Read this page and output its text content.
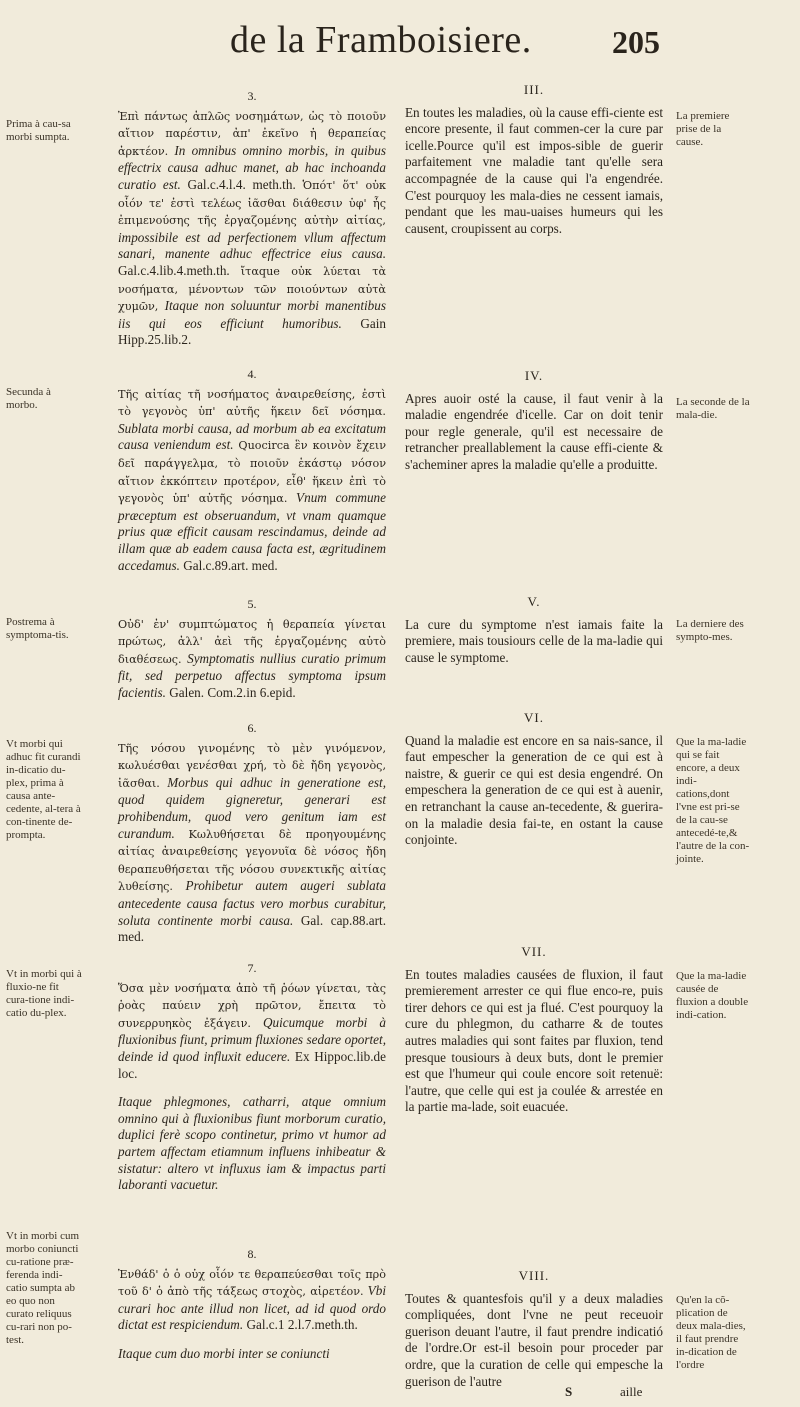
de la Framboisiere.	205
3.
Ἐπὶ πάντως ἁπλῶς νοσημάτων, ὡς τὸ ποιοῦν αἴτιον παρέστιν, ἀπ' ἐκεῖνο ἡ θεραπείας ἀρκτέον. In omnibus omnino morbis, in quibus effectrix causa adhuc manet, ab hac inchoanda curatio est. Gal.c.4.l.4. meth.th. Ὁπότ' ὅτ' οὐκ οἷόν τε' ἐστὶ τελέως ἰᾶσθαι διάθεσιν ὑφ' ἧς ἐπιμενούσης τῆς ἐργαζομένης αὐτὴν αἰτίας, impossibile est ad perfectionem vllum affectum sanari, manente adhuc effectrice eius causa. Gal.c.4.lib.4.meth.th. ἴταque οὐκ λύεται τὰ νοσήματα, μένοντων τῶν ποιούντων αὐτὰ χυμῶν, Itaque non soluuntur morbi manentibus iis qui eos efficiunt humoribus. Gain Hipp.25.lib.2.
4.
Τῆς αἰτίας τῆ νοσήματος ἀναιρεθείσης, ἐστὶ τὸ γεγονὸς ὑπ' αὐτῆς ἥκειν δεῖ νόσημα. Sublata morbi causa, ad morbum ab ea excitatum causa veniendum est. Quocirca ἓν κοινὸν ἔχειν δεῖ παράγγελμα, τὸ ποιοῦν ἑκάστῳ νόσον αἴτιον ἐκκόπτειν προτέρον, εἶθ' ἥκειν ἐπὶ τὸ γεγονὸς ὑπ' αὐτῆς νόσημα. Vnum commune præceptum est obseruandum, vt vnam quamque prius quæ efficit causam rescindamus, deinde ad illam quæ ab eadem causa facta est, ægritudinem accedamus. Gal.c.89.art. med.
5.
Οὐδ' ἐν' συμπτώματος ἡ θεραπεία γίνεται πρώτως, ἀλλ' ἀεὶ τῆς ἐργαζομένης αὐτὸ διαθέσεως. Symptomatis nullius curatio primum fit, sed perpetuo affectus symptoma ipsum facientis. Galen. Com.2.in 6.epid.
6.
Τῆς νόσου γινομένης τὸ μὲν γινόμενον, κωλυέσθαι γενέσθαι χρή, τὸ δὲ ἤδη γεγονὸς, ἰᾶσθαι. Morbus qui adhuc in generatione est, quod quidem gigneretur, generari est prohibendum, quod vero genitum iam est curandum. Κωλυθήσεται δὲ προηγουμένης αἰτίας ἀναιρεθείσης γεγονυῖα δὲ νόσος ἤδη θεραπευθήσεται τῆς νόσου συνεκτικῆς αἰτίας λυθείσης. Prohibetur autem augeri sublata antecedente causa factus vero morbus curabitur, soluta continente morbi causa. Gal. cap.88.art. med.
7.
Ὅσα μὲν νοσήματα ἀπὸ τῆ ῥόων γίνεται, τὰς ῥοὰς παύειν χρὴ πρῶτον, ἔπειτα τὸ συνερρυηκὸς ἐξάγειν. Quicumque morbi à fluxionibus fiunt, primum fluxiones sedare oportet, deinde id quod influxit educere. Ex Hippoc.lib.de loc.
Itaque phlegmones, catharri, atque omnium omnino qui à fluxionibus fiunt morborum curatio, duplici ferè scopo continetur, primo vt humor ad partem affectam etiamnum influens inhibeatur & sistatur: altero vt influxus iam & impactus parti laboranti vacuetur.
8.
Ἐνθάδ' ὁ ὁ οὐχ οἷόν τε θεραπεύεσθαι τοῖς πρὸ τοῦ δ' ὁ ἀπὸ τῆς τάξεως στοχὸς, αἱρετέον. Vbi curari hoc ante illud non licet, ad id quod ordo dictat est respiciendum. Gal.c.1 2.l.7.meth.th.
Itaque cum duo morbi inter se coniuncti
III.
En toutes les maladies, où la cause effi-ciente est encore presente, il faut commen-cer la cure par icelle.Pource qu'il est impos-sible de guerir parfaitement vne maladie tant qu'elle sera accompagnée de la cause qui l'a engendrée. C'est pourquoy les mala-dies ne cessent iamais, pendant que les mau-uaises humeurs qui les causent, croupissent au corps.
IV.
Apres auoir osté la cause, il faut venir à la maladie engendrée d'icelle. Car on doit tenir pour regle generale, qu'il est necessaire de retrancher preallablement la cause effi-ciente & s'acheminer apres la maladie qu'elle a produitte.
V.
La cure du symptome n'est iamais faite la premiere, mais tousiours celle de la ma-ladie qui cause le symptome.
VI.
Quand la maladie est encore en sa nais-sance, il faut empescher la generation de ce qui est à naistre, & guerir ce qui est desia engendré. On empeschera la generation de ce qui est à auenir, en retranchant la cause an-tecedente, & guerira-on la maladie desia fai-te, en ostant la cause conjointe.
VII.
En toutes maladies causées de fluxion, il faut premierement arrester ce qui flue enco-re, puis tirer dehors ce qui est ja flué. C'est pourquoy la cure du phlegmon, du catharre & de toutes autres maladies qui sont faites par fluxion, tend presque tousiours à deux buts, dont le premier est que l'humeur qui coule encore soit retenuë: l'autre, que celle qui est ja coulée & arrestée en la partie ma-lade, soit euacuée.
VIII.
Toutes & quantesfois qu'il y a deux maladies compliquées, dont l'vne ne peut receuoir guerison deuant l'autre, il faut prendre indicatió de l'ordre.Or est-il besoin pour proceder par ordre, que la curation de celle qui empesche la guerison de l'autre
Prima à cau-sa morbi sumpta.
Secunda à morbo.
Postrema à symptoma-tis.
Vt morbi qui adhuc fit curandi in-dicatio du-plex, prima à causa ante-cedente, al-tera à con-tinente de-prompta.
Vt in morbi qui à fluxio-ne fit cura-tione indi-catio du-plex.
Vt in morbi cum morbo coniuncti cu-ratione præ-ferenda indi-catio sumpta ab eo quo non curato reliquus cu-rari non po-test.
La premiere prise de la cause.
La seconde de la mala-die.
La derniere des sympto-mes.
Que la ma-ladie qui se fait encore, a deux indi-cations,dont l'vne est pri-se de la cau-se antecedé-te,& l'autre de la con-jointe.
Que la ma-ladie causée de fluxion a double indi-cation.
Qu'en la cõ-plication de deux mala-dies, il faut prendre in-dication de l'ordre
S	aille
